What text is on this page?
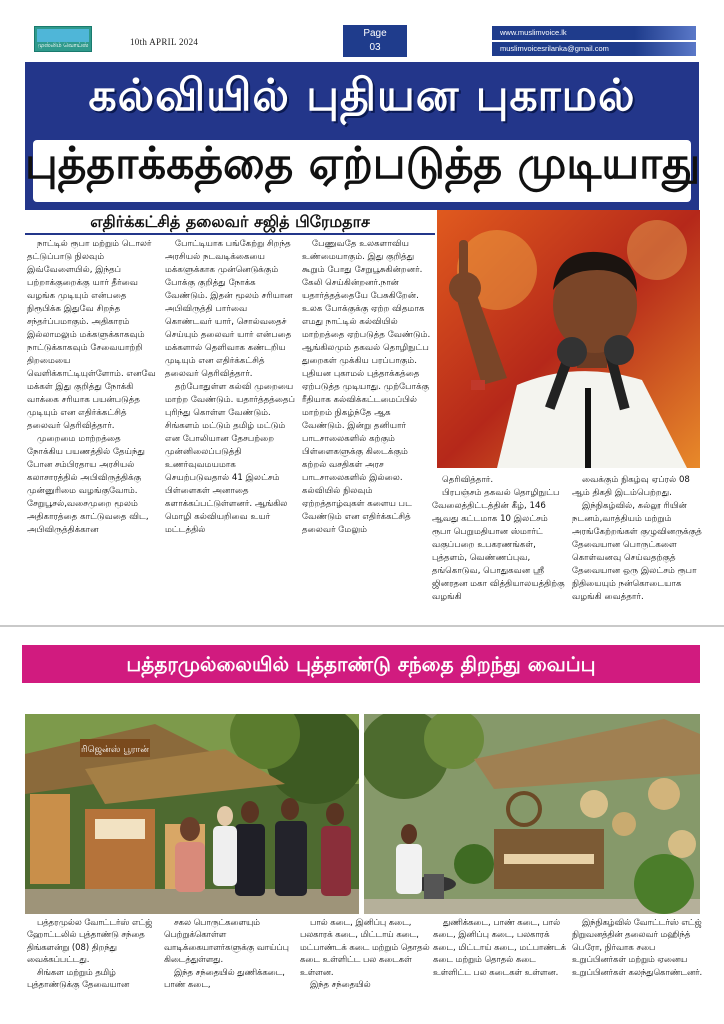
முஸ்லிம் வொய்ஸ்	10th APRIL 2024
Page
03
www.muslimvoice.lk
muslimvoicesrilanka@gmail.com
கல்வியில் புதியன புகாமல்
புத்தாக்கத்தை ஏற்படுத்த முடியாது
எதிர்க்கட்சித் தலைவர் சஜித் பிரேமதாச

நாட்டில் ரூபா மற்றும் டொலர் தட்டுப்பாடு நிலவும் இவ்வேளையில், இந்தப் பற்றாக்குறைக்கு யார் தீர்வை வழங்க முடியும் என்பதை நிரூபிக்க இதுவே சிறந்த சந்தர்ப்பமாகும். அதிகாரம் இல்லாமலும் மக்களுக்காகவும் நாட்டுக்காகவும் சேவையாற்றி திறமையை வெளிக்காட்டியுள்ளோம். எனவே மக்கள் இது குறித்து நோக்கி வாக்கை சரியாக பயன்படுத்த முடியும் என எதிர்க்கட்சித் தலைவர் தெரிவித்தார்.

முறைமை மாற்றத்தை நோக்கிய பயணத்தில் தேய்ந்து போன சம்பிரதாய அரசியல் கலாசாரத்தில் அபிவிருத்திக்கு முன்னுரிமை வழங்குவோம். சேறுபூசல்,வசைமுறை மூலம் அதிகாரத்தை காட்டுவதை விட, அபிவிருத்திக்கான

போட்டியாக பங்கேற்று சிறந்த அரசியல் நடவடிக்கையை மக்களுக்காக முன்னெடுக்கும் போக்கு குறித்து நோக்க வேண்டும். இதன் மூலம் சரியான அபிவிருத்தி பார்வை கொண்டவர் யார், சொல்வதைச் செய்யும் தலைவர் யார் என்பதை மக்களால் தெளிவாக கண்டறிய முடியும் என எதிர்க்கட்சித் தலைவர் தெரிவித்தார்.

தற்போதுள்ள கல்வி முறையை மாற்ற வேண்டும். யதார்த்தத்தைப் புரிந்து கொள்ள வேண்டும். சிங்களம் மட்டும் தமிழ் மட்டும் என போலியான தேசபற்றை முன்னிலைப்படுத்தி உணர்வுவமயமாக செயற்படுவதால் 41 இலட்சம் பிள்ளைகள் அனாதை களாக்கப்பட்டுள்ளனர். ஆங்கில மொழி கல்வியறிவை உயர் மட்டத்தில்

பேணுவதே உலகளாவிய உண்மையாகும். இது குறித்து கூறும் போது சேறுபூசுகின்றனர். கேலி செய்கின்றனர்.நான் யதார்த்தத்தையே பேசுகிறேன். உலக போக்குக்கு ஏற்ற விதமாக எமது நாட்டில் கல்வியில் மாற்றத்தை ஏற்படுத்த வேண்டும். ஆங்கிலமும் தகவல் தொழிநுட்ப துறைகள் முக்கிய பரப்பாகும். புதியன புகாமல் புத்தாக்கத்தை ஏற்படுத்த முடியாது. முற்போக்கு ரீதியாக கல்விக்கட்டமைப்பில் மாற்றம் நிகழ்ந்தே ஆக வேண்டும். இன்று தனியார் பாடசாலைகளில் கற்கும் பிள்ளைகளுக்கு கிடைக்கும் கற்றல் வசதிகள் அரச பாடசாலைகளில் இல்லை. கல்வியில் நிலவும் ஏற்றத்தாழ்வுகள் களைய பட வேண்டும் என எதிர்க்கட்சித் தலைவர் மேலும்

தெரிவித்தார்.

பிரபஞ்சம் தகவல் தொழிநுட்ப வேலைத்திட்டத்தின் கீழ், 146 ஆவது கட்டமாக 10 இலட்சம் ரூபா பெறுமதியான ஸ்மார்ட் வகுப்பறை உபகரணங்கள், புத்தளம், வெண்ணப்புவ, தங்கொடுவ, பொதுகவன ஸ்ரீ ஜினரதன மகா வித்தியாலயத்திற்கு வழங்கி

வைக்கும் நிகழ்வு ஏப்ரல் 08 ஆம் திகதி இடம்பெற்றது.

இந்நிகழ்வில், கல்லூ ரியின் நடனம்,வாத்தியம் மற்றும் அரங்கேற்றங்கள் குழுவினருக்குத் தேவையான பொருட்களை கொள்வனவு செய்வதற்குத் தேவையான ஒரு இலட்சம் ரூபா நிதியையும் நன்கொடையாக வழங்கி வைத்தார்.

பத்தரமுல்லையில் புத்தாண்டு சந்தை திறந்து வைப்பு
ரிஜென்ஸ் பூரான்

பத்தரமுல்ல வோட்டர்ஸ் எட்ஜ் ஹோட்டலில் புத்தாண்டு சந்தை திங்களன்று (08) திறந்து வைக்கப்பட்டது.

சிங்கள மற்றும் தமிழ் புத்தாண்டுக்கு தேவையான

சகல பொருட்களையும் பெற்றுக்கொள்ள வாடிக்கையாளர்களுக்கு வாய்ப்பு கிடைத்துள்ளது.

இந்த சந்தையில் துணிக்கடை, பாண் கடை,

பால் கடை, இனிப்பு கடை, பலகாரக் கடை, மிட்டாய் கடை, மட்பாண்டக் கடை மற்றும் தொதல் கடை உள்ளிட்ட பல கடைகள் உள்ளன.

இந்த சந்தையில்

துணிக்கடை, பாண் கடை, பால் கடை, இனிப்பு கடை, பலகாரக் கடை, மிட்டாய் கடை, மட்பாண்டக் கடை மற்றும் தொதல் கடை உள்ளிட்ட பல கடைகள் உள்ளன.

இந்நிகழ்வில் வோட்டர்ஸ் எட்ஜ் நிறுவனத்தின் தலைவர் மஹிந்த் பெரோ, நிர்வாக சபை உறுப்பினர்கள் மற்றும் ஏனைய உறுப்பினர்கள் கலந்துகொண்டனர்.
